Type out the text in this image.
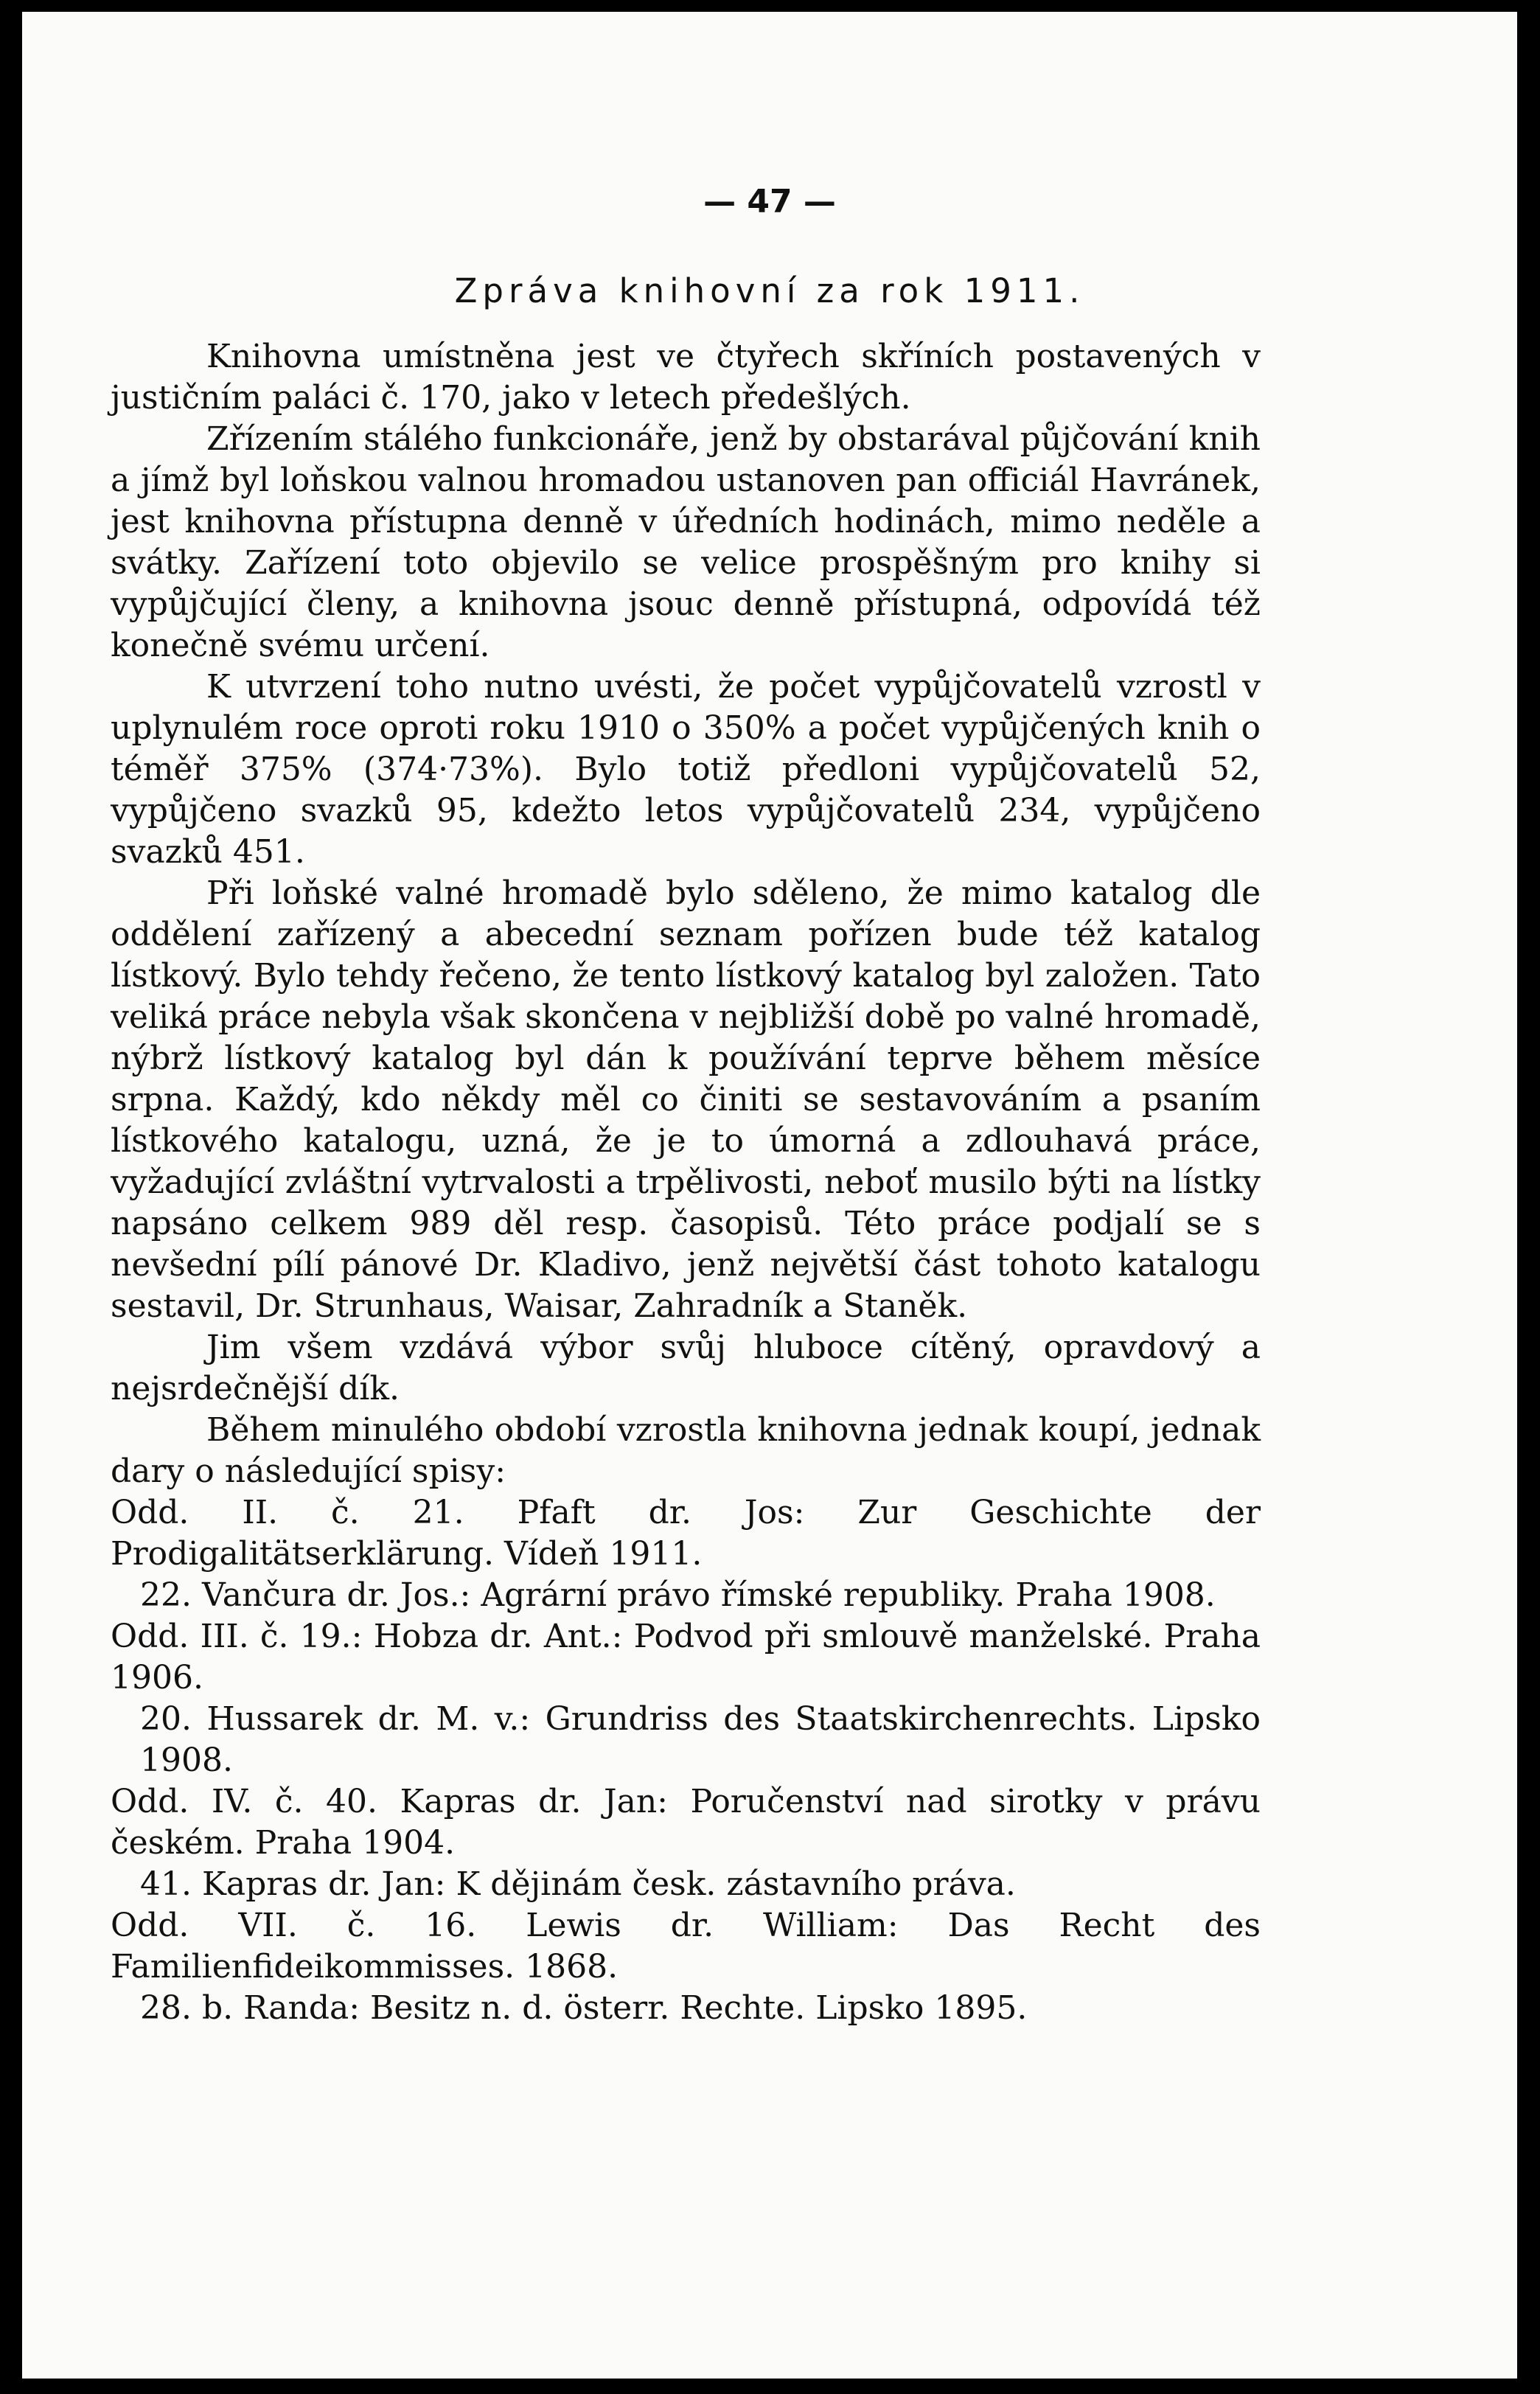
— 47 —
Zpráva knihovní za rok 1911.

Knihovna umístněna jest ve čtyřech skříních postavených v justičním paláci č. 170, jako v letech předešlých.

Zřízením stálého funkcionáře, jenž by obstarával půjčování knih a jímž byl loňskou valnou hromadou ustanoven pan officiál Havránek, jest knihovna přístupna denně v úředních hodinách, mimo neděle a svátky. Zařízení toto objevilo se velice prospěšným pro knihy si vypůjčující členy, a knihovna jsouc denně přístupná, odpovídá též konečně svému určení.

K utvrzení toho nutno uvésti, že počet vypůjčovatelů vzrostl v uplynulém roce oproti roku 1910 o 350% a počet vypůjčených knih o téměř 375% (374·73%). Bylo totiž předloni vypůjčovatelů 52, vypůjčeno svazků 95, kdežto letos vypůjčovatelů 234, vypůjčeno svazků 451.

Při loňské valné hromadě bylo sděleno, že mimo katalog dle oddělení zařízený a abecední seznam pořízen bude též katalog lístkový. Bylo tehdy řečeno, že tento lístkový katalog byl založen. Tato veliká práce nebyla však skončena v nejbližší době po valné hromadě, nýbrž lístkový katalog byl dán k používání teprve během měsíce srpna. Každý, kdo někdy měl co činiti se sestavováním a psaním lístkového katalogu, uzná, že je to úmorná a zdlouhavá práce, vyžadující zvláštní vytrvalosti a trpělivosti, neboť musilo býti na lístky napsáno celkem 989 děl resp. časopisů. Této práce podjalí se s nevšední pílí pánové Dr. Kladivo, jenž největší část tohoto katalogu sestavil, Dr. Strunhaus, Waisar, Zahradník a Staněk.

Jim všem vzdává výbor svůj hluboce cítěný, opravdový a nejsrdečnější dík.

Během minulého období vzrostla knihovna jednak koupí, jednak dary o následující spisy:

Odd. II. č. 21. Pfaft dr. Jos: Zur Geschichte der Prodigalitätserklärung. Vídeň 1911.
22. Vančura dr. Jos.: Agrární právo římské republiky. Praha 1908.
Odd. III. č. 19.: Hobza dr. Ant.: Podvod při smlouvě manželské. Praha 1906.
20. Hussarek dr. M. v.: Grundriss des Staatskirchenrechts. Lipsko 1908.
Odd. IV. č. 40. Kapras dr. Jan: Poručenství nad sirotky v právu českém. Praha 1904.
41. Kapras dr. Jan: K dějinám česk. zástavního práva.
Odd. VII. č. 16. Lewis dr. William: Das Recht des Familienfideikommisses. 1868.
28. b. Randa: Besitz n. d. österr. Rechte. Lipsko 1895.
